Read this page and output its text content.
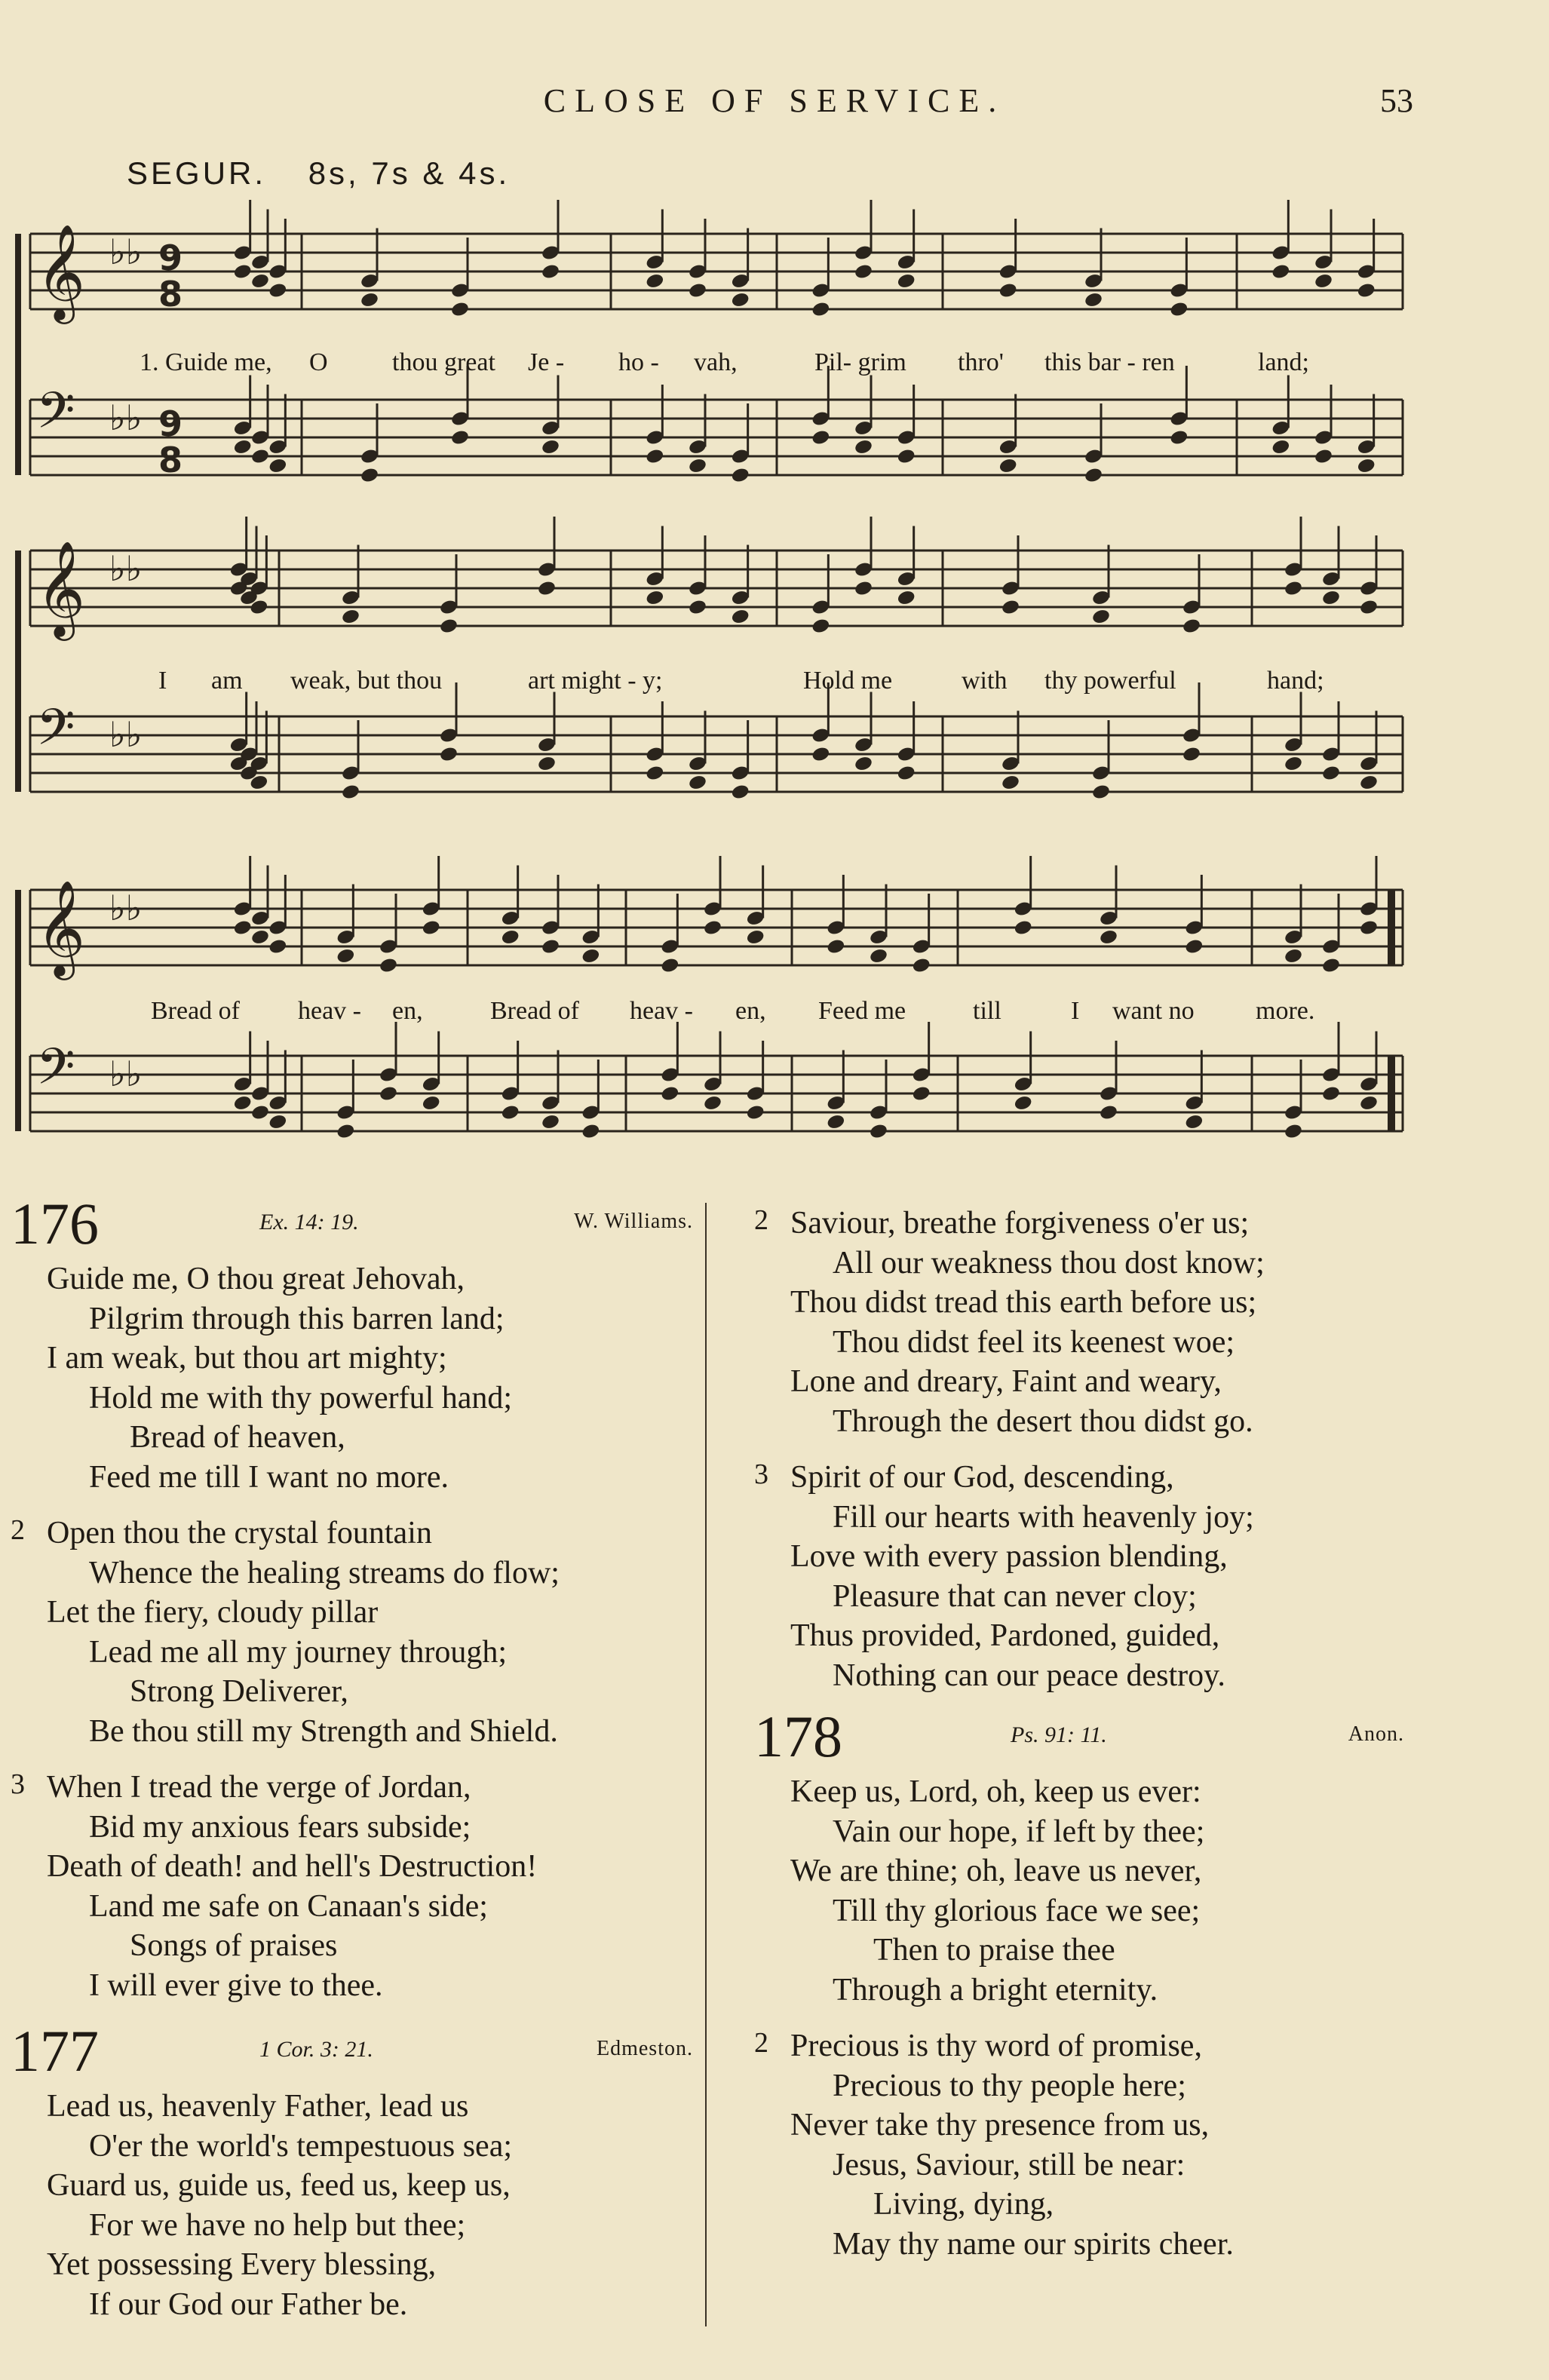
CLOSE OF SERVICE.	53
SEGUR. 8s, 7s & 4s.
𝄞 9
8
♭♭
𝄢 9
8
♭♭
𝄞 ♭♭
𝄢 ♭♭
𝄞 ♭♭
𝄢 ♭♭
1. Guide me, O	thou great Je - ho - vah,	Pil- grim thro' this bar - ren	land;
I am weak, but thou	art might - y;	Hold me	with thy powerful	hand;
Bread of heav - en,	Bread of heav - en, Feed me	till	I want no more.
176	Ex. 14: 19.	W. Williams.
Guide me, O thou great Jehovah,
Pilgrim through this barren land;
I am weak, but thou art mighty;
Hold me with thy powerful hand;
Bread of heaven,
Feed me till I want no more.
2 Open thou the crystal fountain
Whence the healing streams do flow;
Let the fiery, cloudy pillar
Lead me all my journey through;
Strong Deliverer,
Be thou still my Strength and Shield.
3 When I tread the verge of Jordan,
Bid my anxious fears subside;
Death of death! and hell's Destruction!
Land me safe on Canaan's side;
Songs of praises
I will ever give to thee.
177	1 Cor. 3: 21.	Edmeston.
Lead us, heavenly Father, lead us
O'er the world's tempestuous sea;
Guard us, guide us, feed us, keep us,
For we have no help but thee;
Yet possessing Every blessing,
If our God our Father be.
2 Saviour, breathe forgiveness o'er us;
All our weakness thou dost know;
Thou didst tread this earth before us;
Thou didst feel its keenest woe;
Lone and dreary, Faint and weary,
Through the desert thou didst go.
3 Spirit of our God, descending,
Fill our hearts with heavenly joy;
Love with every passion blending,
Pleasure that can never cloy;
Thus provided, Pardoned, guided,
Nothing can our peace destroy.
178	Ps. 91: 11.	Anon.
Keep us, Lord, oh, keep us ever:
Vain our hope, if left by thee;
We are thine; oh, leave us never,
Till thy glorious face we see;
Then to praise thee
Through a bright eternity.
2 Precious is thy word of promise,
Precious to thy people here;
Never take thy presence from us,
Jesus, Saviour, still be near:
Living, dying,
May thy name our spirits cheer.
